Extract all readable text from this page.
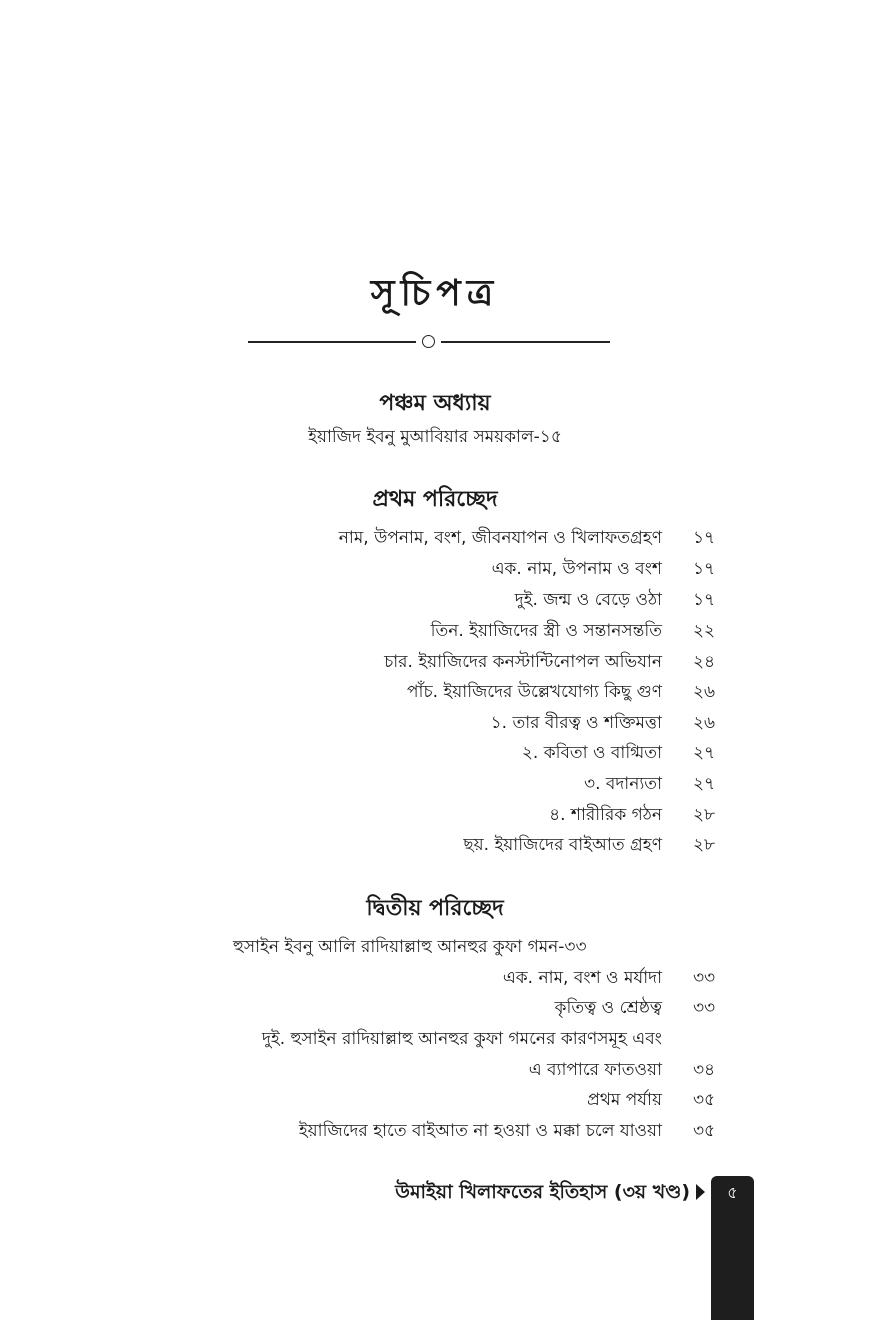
সূচিপত্র
পঞ্চম অধ্যায়
ইয়াজিদ ইবনু মুআবিয়ার সময়কাল-১৫
প্রথম পরিচ্ছেদ
নাম, উপনাম, বংশ, জীবনযাপন ও খিলাফতগ্রহণ ১৭
এক. নাম, উপনাম ও বংশ ১৭
দুই. জন্ম ও বেড়ে ওঠা ১৭
তিন. ইয়াজিদের স্ত্রী ও সন্তানসন্ততি ২২
চার. ইয়াজিদের কনস্টান্টিনোপল অভিযান ২৪
পাঁচ. ইয়াজিদের উল্লেখযোগ্য কিছু গুণ ২৬
১. তার বীরত্ব ও শক্তিমত্তা ২৬
২. কবিতা ও বাগ্মিতা ২৭
৩. বদান্যতা ২৭
৪. শারীরিক গঠন ২৮
ছয়. ইয়াজিদের বাইআত গ্রহণ ২৮
দ্বিতীয় পরিচ্ছেদ
হুসাইন ইবনু আলি রাদিয়াল্লাহু আনহুর কুফা গমন-৩৩
এক. নাম, বংশ ও মর্যাদা ৩৩
কৃতিত্ব ও শ্রেষ্ঠত্ব ৩৩
দুই. হুসাইন রাদিয়াল্লাহু আনহুর কুফা গমনের কারণসমূহ এবং
এ ব্যাপারে ফাতওয়া ৩৪
প্রথম পর্যায় ৩৫
ইয়াজিদের হাতে বাইআত না হওয়া ও মক্কা চলে যাওয়া ৩৫
উমাইয়া খিলাফতের ইতিহাস (৩য় খণ্ড)	৫
